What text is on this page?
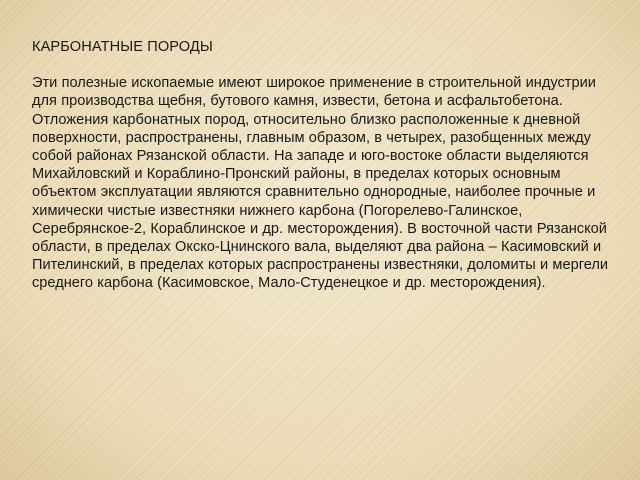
КАРБОНАТНЫЕ ПОРОДЫ

Эти полезные ископаемые имеют широкое применение в строительной индустрии для производства щебня, бутового камня, извести, бетона и асфальтобетона. Отложения карбонатных пород, относительно близко расположенные к дневной поверхности, распространены, главным образом, в четырех, разобщенных между собой районах Рязанской области. На западе и юго-востоке области выделяются Михайловский и Кораблино-Пронский районы, в пределах которых основным объектом эксплуатации являются сравнительно однородные, наиболее прочные и химически чистые известняки нижнего карбона (Погорелево-Галинское, Серебрянское-2, Кораблинское и др. месторождения). В восточной части Рязанской области, в пределах Окско-Цнинского вала, выделяют два района – Касимовский и Пителинский, в пределах которых распространены известняки, доломиты и мергели среднего карбона (Касимовское, Мало-Студенецкое и др. месторождения).
